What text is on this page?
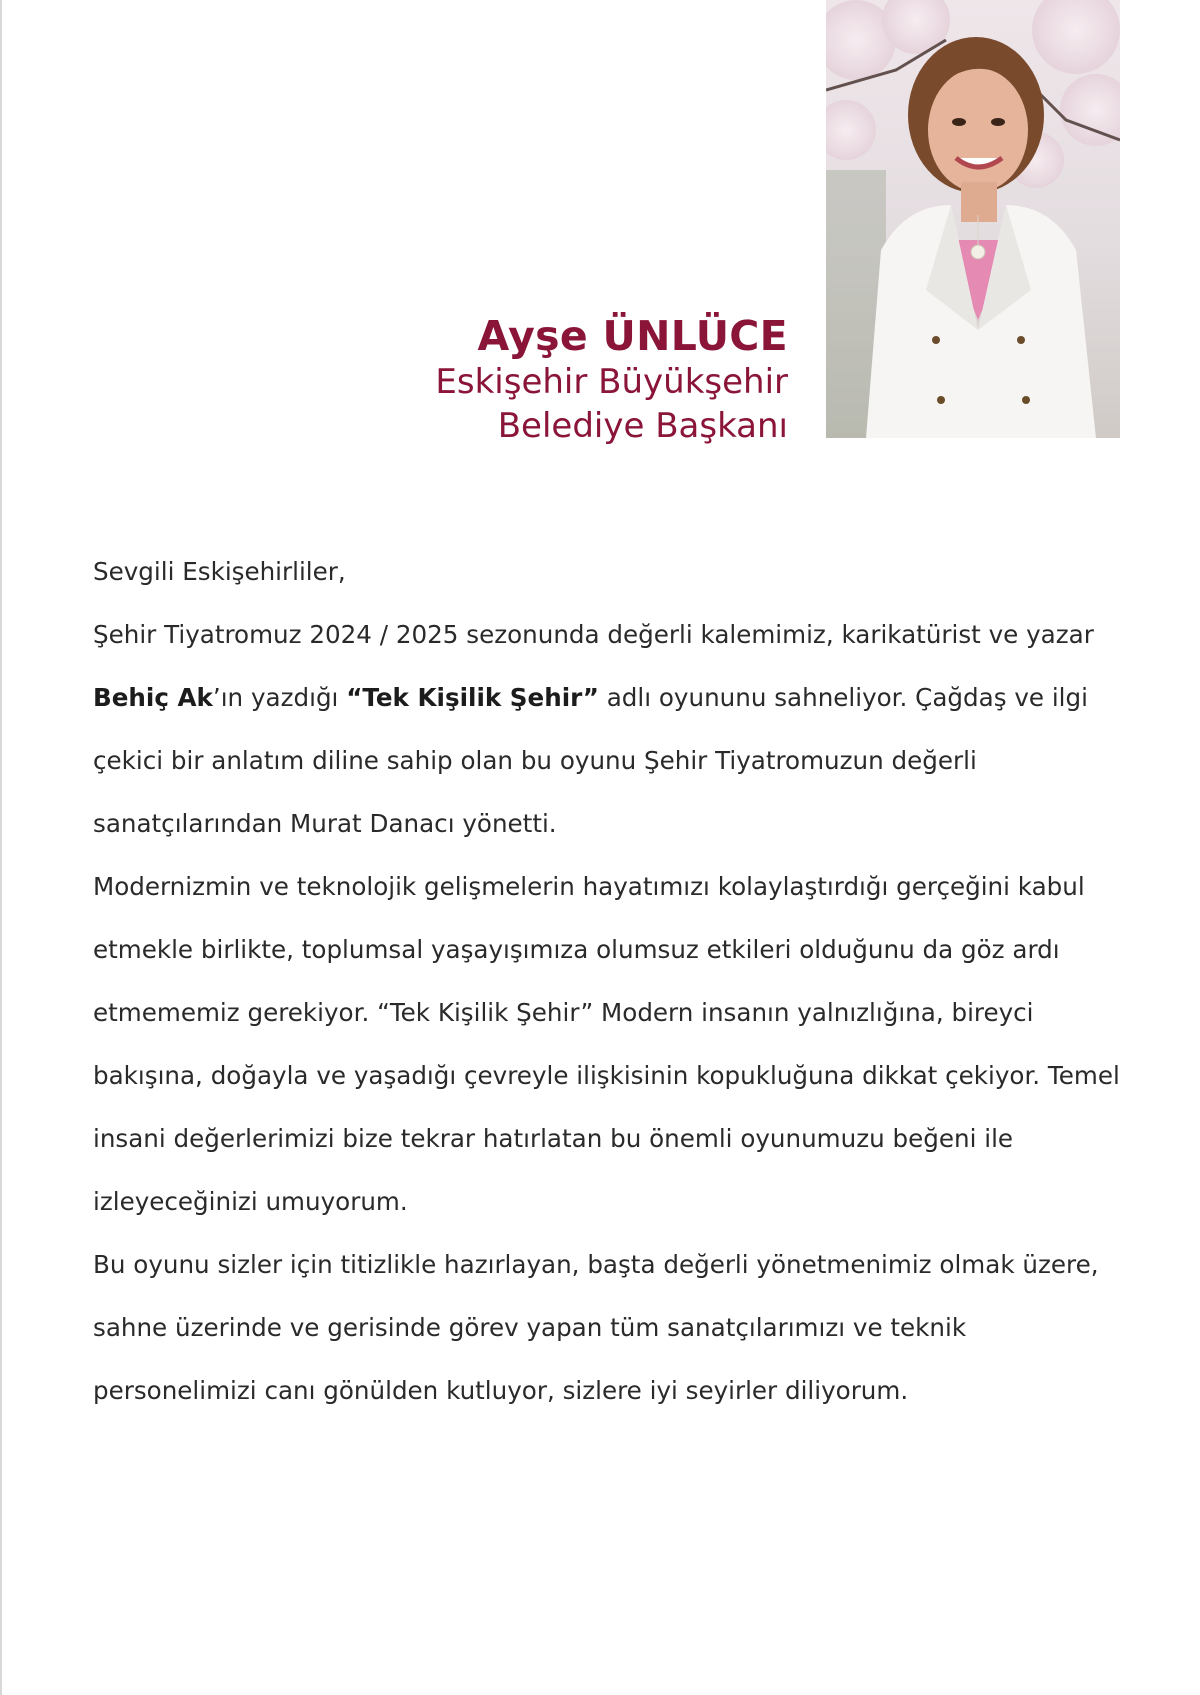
Ayşe ÜNLÜCE

Eskişehir Büyükşehir

Belediye Başkanı

Sevgili Eskişehirliler,

Şehir Tiyatromuz 2024 / 2025 sezonunda değerli kalemimiz, karikatürist ve yazar Behiç Ak’ın yazdığı “Tek Kişilik Şehir” adlı oyununu sahneliyor. Çağdaş ve ilgi çekici bir anlatım diline sahip olan bu oyunu Şehir Tiyatromuzun değerli sanatçılarından Murat Danacı yönetti.

Modernizmin ve teknolojik gelişmelerin hayatımızı kolaylaştırdığı gerçeğini kabul etmekle birlikte, toplumsal yaşayışımıza olumsuz etkileri olduğunu da göz ardı etmememiz gerekiyor. “Tek Kişilik Şehir” Modern insanın yalnızlığına, bireyci bakışına, doğayla ve yaşadığı çevreyle ilişkisinin kopukluğuna dikkat çekiyor. Temel insani değerlerimizi bize tekrar hatırlatan bu önemli oyunumuzu beğeni ile izleyeceğinizi umuyorum.

Bu oyunu sizler için titizlikle hazırlayan, başta değerli yönetmenimiz olmak üzere, sahne üzerinde ve gerisinde görev yapan tüm sanatçılarımızı ve teknik personelimizi canı gönülden kutluyor, sizlere iyi seyirler diliyorum.
